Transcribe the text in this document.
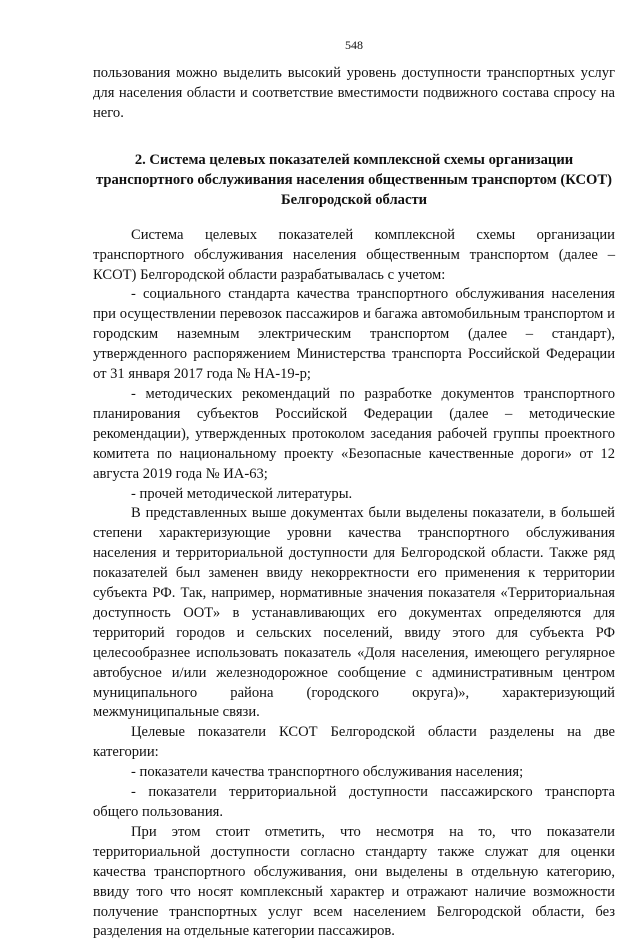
548

пользования можно выделить высокий уровень доступности транспортных услуг для населения области и соответствие вместимости подвижного состава спросу на него.

2. Система целевых показателей комплексной схемы организации транспортного обслуживания населения общественным транспортом (КСОТ) Белгородской области

Система целевых показателей комплексной схемы организации транспортного обслуживания населения общественным транспортом (далее – КСОТ) Белгородской области разрабатывалась с учетом:

- социального стандарта качества транспортного обслуживания населения при осуществлении перевозок пассажиров и багажа автомобильным транспортом и городским наземным электрическим транспортом (далее – стандарт), утвержденного распоряжением Министерства транспорта Российской Федерации от 31 января 2017 года № НА-19-р;

- методических рекомендаций по разработке документов транспортного планирования субъектов Российской Федерации (далее – методические рекомендации), утвержденных протоколом заседания рабочей группы проектного комитета по национальному проекту «Безопасные качественные дороги» от 12 августа 2019 года № ИА-63;

- прочей методической литературы.

В представленных выше документах были выделены показатели, в большей степени характеризующие уровни качества транспортного обслуживания населения и территориальной доступности для Белгородской области. Также ряд показателей был заменен ввиду некорректности его применения к территории субъекта РФ. Так, например, нормативные значения показателя «Территориальная доступность ООТ» в устанавливающих его документах определяются для территорий городов и сельских поселений, ввиду этого для субъекта РФ целесообразнее использовать показатель «Доля населения, имеющего регулярное автобусное и/или железнодорожное сообщение с административным центром муниципального района (городского округа)», характеризующий межмуниципальные связи.

Целевые показатели КСОТ Белгородской области разделены на две категории:

- показатели качества транспортного обслуживания населения;

- показатели территориальной доступности пассажирского транспорта общего пользования.

При этом стоит отметить, что несмотря на то, что показатели территориальной доступности согласно стандарту также служат для оценки качества транспортного обслуживания, они выделены в отдельную категорию, ввиду того что носят комплексный характер и отражают наличие возможности получение транспортных услуг всем населением Белгородской области, без разделения на отдельные категории пассажиров.
